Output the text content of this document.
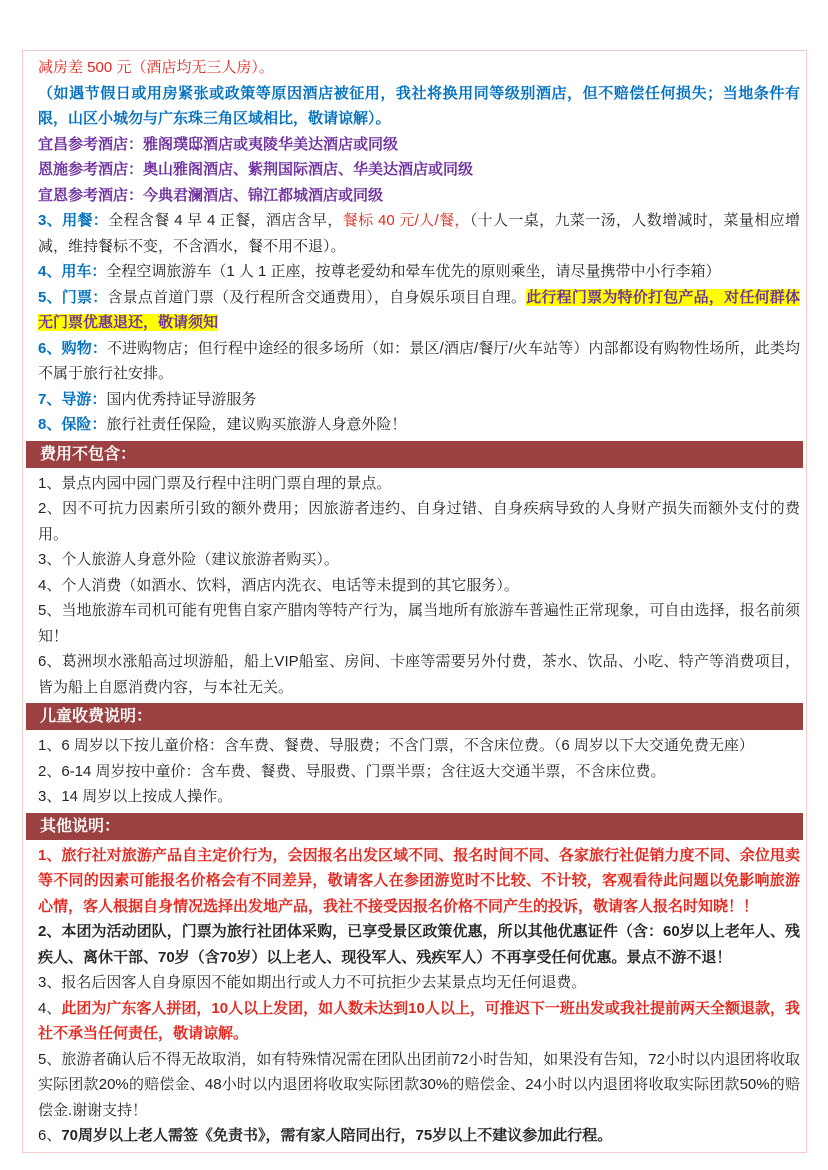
减房差 500 元（酒店均无三人房）。
（如遇节假日或用房紧张或政策等原因酒店被征用，我社将换用同等级别酒店，但不赔偿任何损失；当地条件有限，山区小城勿与广东珠三角区域相比，敬请谅解）。
宜昌参考酒店：雅阁璞邸酒店或夷陵华美达酒店或同级
恩施参考酒店：奥山雅阁酒店、紫荆国际酒店、华美达酒店或同级
宣恩参考酒店：今典君澜酒店、锦江都城酒店或同级
3、用餐：全程含餐 4 早 4 正餐，酒店含早，餐标 40 元/人/餐，（十人一桌，九菜一汤，人数增减时，菜量相应增减，维持餐标不变，不含酒水，餐不用不退）。
4、用车：全程空调旅游车（1 人 1 正座，按尊老爱幼和晕车优先的原则乘坐，请尽量携带中小行李箱）
5、门票：含景点首道门票（及行程所含交通费用），自身娱乐项目自理。此行程门票为特价打包产品，对任何群体无门票优惠退还，敬请须知
6、购物：不进购物店；但行程中途经的很多场所（如：景区/酒店/餐厅/火车站等）内部都设有购物性场所，此类均不属于旅行社安排。
7、导游：国内优秀持证导游服务
8、保险：旅行社责任保险，建议购买旅游人身意外险！
费用不包含：
1、景点内园中园门票及行程中注明门票自理的景点。
2、因不可抗力因素所引致的额外费用；因旅游者违约、自身过错、自身疾病导致的人身财产损失而额外支付的费用。
3、个人旅游人身意外险（建议旅游者购买）。
4、个人消费（如酒水、饮料，酒店内洗衣、电话等未提到的其它服务）。
5、当地旅游车司机可能有兜售自家产腊肉等特产行为，属当地所有旅游车普遍性正常现象，可自由选择，报名前须知！
6、葛洲坝水涨船高过坝游船，船上VIP船室、房间、卡座等需要另外付费，茶水、饮品、小吃、特产等消费项目，皆为船上自愿消费内容，与本社无关。
儿童收费说明：
1、6 周岁以下按儿童价格：含车费、餐费、导服费；不含门票，不含床位费。（6 周岁以下大交通免费无座）
2、6-14 周岁按中童价：含车费、餐费、导服费、门票半票；含往返大交通半票，不含床位费。
3、14 周岁以上按成人操作。
其他说明：
1、旅行社对旅游产品自主定价行为，会因报名出发区域不同、报名时间不同、各家旅行社促销力度不同、余位甩卖等不同的因素可能报名价格会有不同差异，敬请客人在参团游览时不比较、不计较，客观看待此问题以免影响旅游心情，客人根据自身情况选择出发地产品，我社不接受因报名价格不同产生的投诉，敬请客人报名时知晓！！
2、本团为活动团队，门票为旅行社团体采购，已享受景区政策优惠，所以其他优惠证件（含：60岁以上老年人、残疾人、离休干部、70岁（含70岁）以上老人、现役军人、残疾军人）不再享受任何优惠。景点不游不退！
3、报名后因客人自身原因不能如期出行或人力不可抗拒少去某景点均无任何退费。
4、此团为广东客人拼团，10人以上发团，如人数未达到10人以上，可推迟下一班出发或我社提前两天全额退款，我社不承当任何责任，敬请谅解。
5、旅游者确认后不得无故取消，如有特殊情况需在团队出团前72小时告知，如果没有告知，72小时以内退团将收取实际团款20%的赔偿金、48小时以内退团将收取实际团款30%的赔偿金、24小时以内退团将收取实际团款50%的赔偿金.谢谢支持！
6、70周岁以上老人需签《免责书》，需有家人陪同出行，75岁以上不建议参加此行程。
